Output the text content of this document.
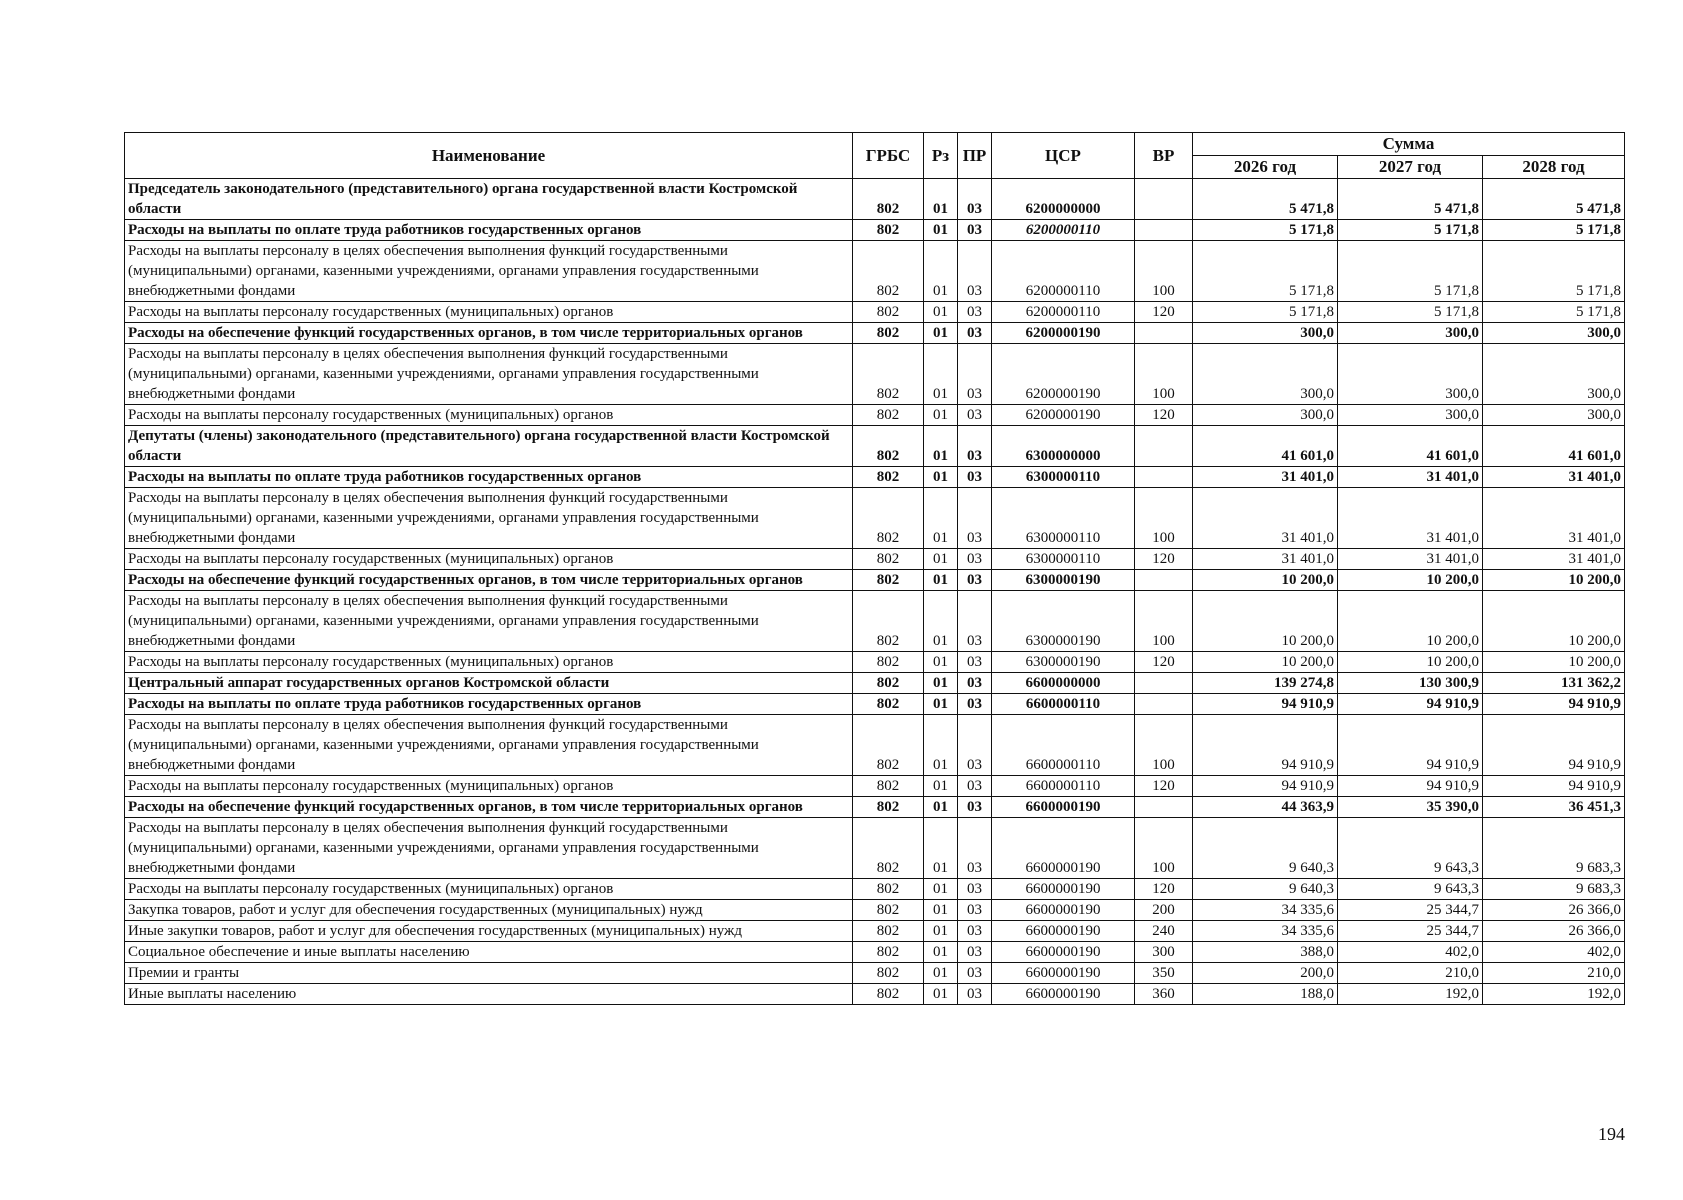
Наименование	ГРБС	Рз	ПР	ЦСР	ВР	Сумма		
						2026 год	2027 год	2028 год
Председатель законодательного (представительного) органа государственной власти Костромской области	802	01	03	6200000000		5 471,8	5 471,8	5 471,8
Расходы на выплаты по оплате труда работников государственных органов	802	01	03	6200000110		5 171,8	5 171,8	5 171,8
Расходы на выплаты персоналу в целях обеспечения выполнения функций государственными (муниципальными) органами, казенными учреждениями, органами управления государственными внебюджетными фондами	802	01	03	6200000110	100	5 171,8	5 171,8	5 171,8
Расходы на выплаты персоналу государственных (муниципальных) органов	802	01	03	6200000110	120	5 171,8	5 171,8	5 171,8
Расходы на обеспечение функций государственных органов, в том числе территориальных органов	802	01	03	6200000190		300,0	300,0	300,0
Расходы на выплаты персоналу в целях обеспечения выполнения функций государственными (муниципальными) органами, казенными учреждениями, органами управления государственными внебюджетными фондами	802	01	03	6200000190	100	300,0	300,0	300,0
Расходы на выплаты персоналу государственных (муниципальных) органов	802	01	03	6200000190	120	300,0	300,0	300,0
Депутаты (члены) законодательного (представительного) органа государственной власти Костромской области	802	01	03	6300000000		41 601,0	41 601,0	41 601,0
Расходы на выплаты по оплате труда работников государственных органов	802	01	03	6300000110		31 401,0	31 401,0	31 401,0
Расходы на выплаты персоналу в целях обеспечения выполнения функций государственными (муниципальными) органами, казенными учреждениями, органами управления государственными внебюджетными фондами	802	01	03	6300000110	100	31 401,0	31 401,0	31 401,0
Расходы на выплаты персоналу государственных (муниципальных) органов	802	01	03	6300000110	120	31 401,0	31 401,0	31 401,0
Расходы на обеспечение функций государственных органов, в том числе территориальных органов	802	01	03	6300000190		10 200,0	10 200,0	10 200,0
Расходы на выплаты персоналу в целях обеспечения выполнения функций государственными (муниципальными) органами, казенными учреждениями, органами управления государственными внебюджетными фондами	802	01	03	6300000190	100	10 200,0	10 200,0	10 200,0
Расходы на выплаты персоналу государственных (муниципальных) органов	802	01	03	6300000190	120	10 200,0	10 200,0	10 200,0
Центральный аппарат государственных органов Костромской области	802	01	03	6600000000		139 274,8	130 300,9	131 362,2
Расходы на выплаты по оплате труда работников государственных органов	802	01	03	6600000110		94 910,9	94 910,9	94 910,9
Расходы на выплаты персоналу в целях обеспечения выполнения функций государственными (муниципальными) органами, казенными учреждениями, органами управления государственными внебюджетными фондами	802	01	03	6600000110	100	94 910,9	94 910,9	94 910,9
Расходы на выплаты персоналу государственных (муниципальных) органов	802	01	03	6600000110	120	94 910,9	94 910,9	94 910,9
Расходы на обеспечение функций государственных органов, в том числе территориальных органов	802	01	03	6600000190		44 363,9	35 390,0	36 451,3
Расходы на выплаты персоналу в целях обеспечения выполнения функций государственными (муниципальными) органами, казенными учреждениями, органами управления государственными внебюджетными фондами	802	01	03	6600000190	100	9 640,3	9 643,3	9 683,3
Расходы на выплаты персоналу государственных (муниципальных) органов	802	01	03	6600000190	120	9 640,3	9 643,3	9 683,3
Закупка товаров, работ и услуг для обеспечения государственных (муниципальных) нужд	802	01	03	6600000190	200	34 335,6	25 344,7	26 366,0
Иные закупки товаров, работ и услуг для обеспечения государственных (муниципальных) нужд	802	01	03	6600000190	240	34 335,6	25 344,7	26 366,0
Социальное обеспечение и иные выплаты населению	802	01	03	6600000190	300	388,0	402,0	402,0
Премии и гранты	802	01	03	6600000190	350	200,0	210,0	210,0
Иные выплаты населению	802	01	03	6600000190	360	188,0	192,0	192,0
194
